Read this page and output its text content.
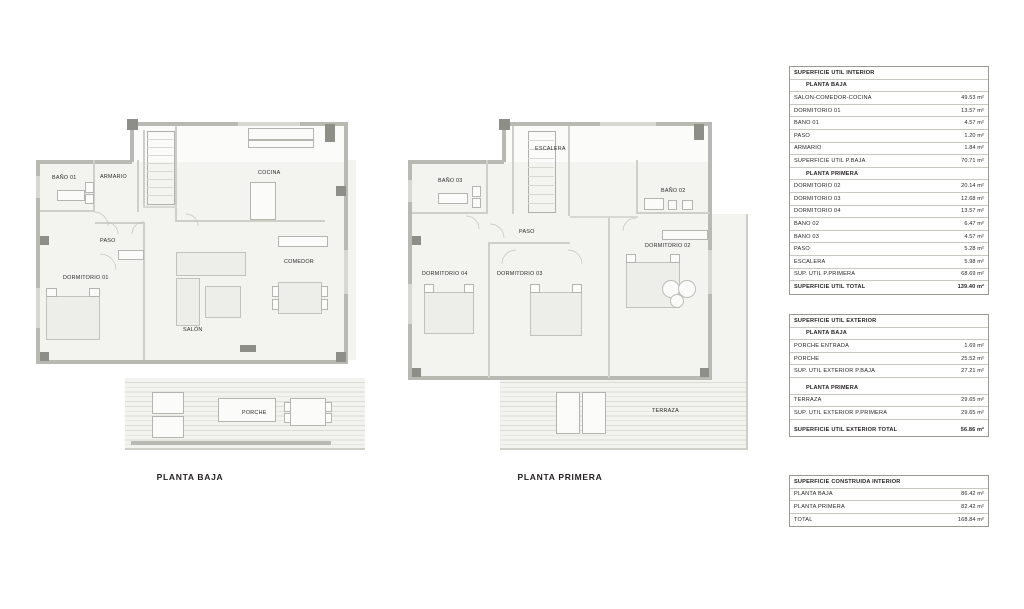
BAÑO 01	ARMARIO
COCINA
PASO
DORMITORIO 01
SALÓN
COMEDOR
PORCHE
PLANTA BAJA
BAÑO 03
ESCALERA
BAÑO 02
PASO
DORMITORIO 04	DORMITORIO 03
DORMITORIO 02
TERRAZA
PLANTA PRIMERA
SUPERFICIE UTIL INTERIOR
PLANTA BAJA
SALON-COMEDOR-COCINA	49.53 m²
DORMITORIO 01	13.57 m²
BAÑO 01	4.57 m²
PASO	1.20 m²
ARMARIO	1.84 m²
SUPERFICIE UTIL P.BAJA	70.71 m²
PLANTA PRIMERA
DORMITORIO 02	20.14 m²
DORMITORIO 03	12.68 m²
DORMITORIO 04	13.57 m²
BAÑO 02	6.47 m²
BAÑO 03	4.57 m²
PASO	5.28 m²
ESCALERA	5.98 m²
SUP. UTIL P.PRIMERA	68.69 m²
SUPERFICIE UTIL TOTAL	139.40 m²
SUPERFICIE UTIL EXTERIOR
PLANTA BAJA
PORCHE ENTRADA	1.69 m²
PORCHE	25.52 m²
SUP. UTIL EXTERIOR P.BAJA	27.21 m²
PLANTA PRIMERA
TERRAZA	29.65 m²
SUP. UTIL EXTERIOR P.PRIMERA	29.65 m²
SUPERFICIE UTIL EXTERIOR TOTAL	56.86 m²
SUPERFICIE CONSTRUIDA INTERIOR
PLANTA BAJA	86.42 m²
PLANTA PRIMERA	82.42 m²
TOTAL	168.84 m²
